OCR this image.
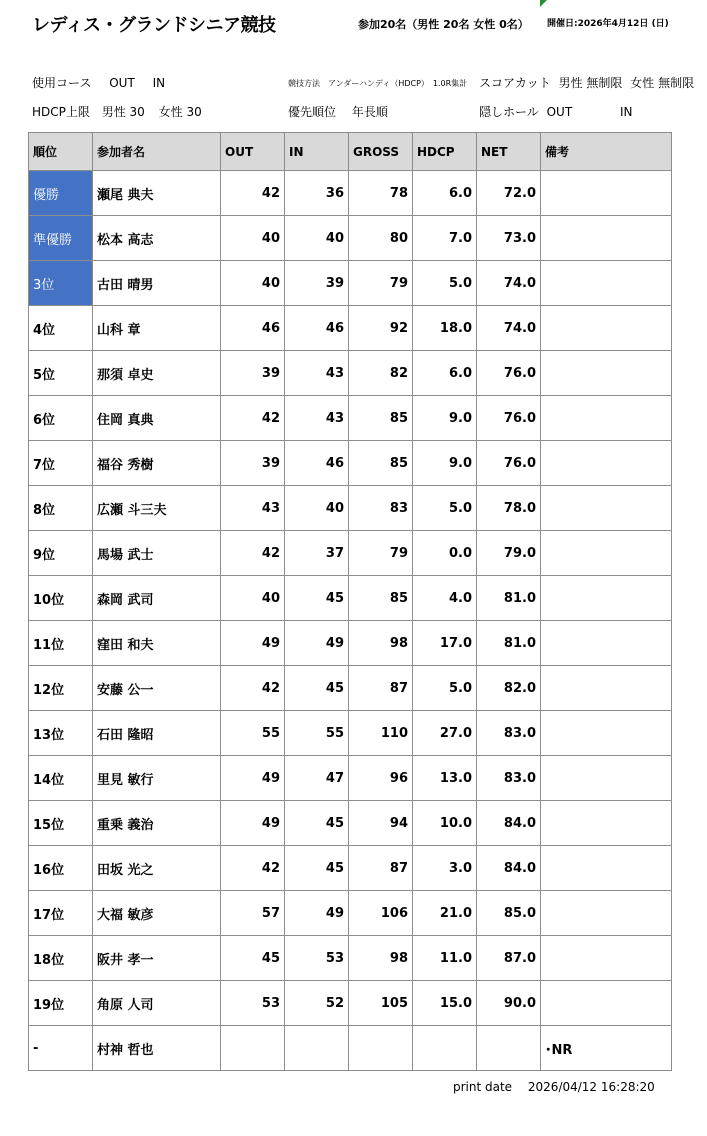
レディス・グランドシニア競技	参加20名（男性 20名 女性 0名） 開催日:2026年4月12日 (日)
使用コース OUT IN	競技方法　アンダーハンディ（HDCP）　1.0R集計 スコアカット 男性 無制限 女性 無制限
HDCP上限 男性 30 女性 30	優先順位 年長順	隠しホール OUT	IN
順位	参加者名	OUT	IN	GROSS	HDCP	NET	備考
優勝	瀬尾 典夫	42	36	78	6.0	72.0	
準優勝	松本 高志	40	40	80	7.0	73.0	
3位	古田 晴男	40	39	79	5.0	74.0	
4位	山科 章	46	46	92	18.0	74.0	
5位	那須 卓史	39	43	82	6.0	76.0	
6位	住岡 真典	42	43	85	9.0	76.0	
7位	福谷 秀樹	39	46	85	9.0	76.0	
8位	広瀬 斗三夫	43	40	83	5.0	78.0	
9位	馬場 武士	42	37	79	0.0	79.0	
10位	森岡 武司	40	45	85	4.0	81.0	
11位	窪田 和夫	49	49	98	17.0	81.0	
12位	安藤 公一	42	45	87	5.0	82.0	
13位	石田 隆昭	55	55	110	27.0	83.0	
14位	里見 敏行	49	47	96	13.0	83.0	
15位	重乗 義治	49	45	94	10.0	84.0	
16位	田坂 光之	42	45	87	3.0	84.0	
17位	大福 敏彦	57	49	106	21.0	85.0	
18位	阪井 孝一	45	53	98	11.0	87.0	
19位	角原 人司	53	52	105	15.0	90.0	
-	村神 哲也						･NR
print date 2026/04/12 16:28:20
